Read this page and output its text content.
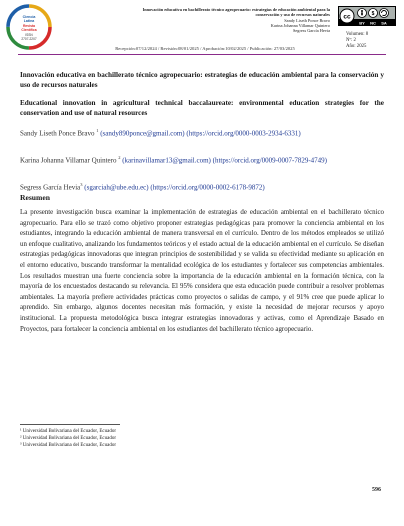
Ciencia
Latina
Revista
Científica
ISSN
2707-2207
Innovación educativa en bachillerato técnico agropecuario: estrategias de educación ambiental para la
conservación y uso de recursos naturales
Sandy Liseth Ponce Bravo
Karina Johanna Villamar Quintero
Segress García Hevia
cc	$
BY NC SA
Volumen: 8
Nº: 2
Año: 2025
Recepción:07/12/2024 / Revisión:08/01/2025 / Aprobación:10/02/2025 / Publicación: 27/03/2025
Innovación educativa en bachillerato técnico agropecuario: estrategias de educación ambiental para la conservación y uso de recursos naturales
Educational innovation in agricultural technical baccalaureate: environmental education strategies for the conservation and use of natural resources
Sandy Liseth Ponce Bravo $^1$ (sandy890ponce@gmail.com) (https://orcid.org/0000-0003-2934-6331)
Karina Johanna Villamar Quintero $^2$ (karinavillamar13@gmail.com) (https://orcid.org/0009-0007-7829-4749)
Segress García Hevia$^3$ (sgarciah@ube.edu.ec) (https://orcid.org/0000-0002-6178-9872)
Resumen
La presente investigación busca examinar la implementación de estrategias de educación ambiental en el bachillerato técnico agropecuario. Para ello se trazó como objetivo proponer estrategias pedagógicas para promover la conciencia ambiental en los estudiantes, integrando la educación ambiental de manera transversal en el currículo. Dentro de los métodos empleados se utilizó un enfoque cualitativo, analizando los fundamentos teóricos y el estado actual de la educación ambiental en el currículo. Se diseñan estrategias pedagógicas innovadoras que integran principios de sostenibilidad y se valida su efectividad mediante su aplicación en el entorno educativo, buscando transformar la mentalidad ecológica de los estudiantes y fortalecer sus competencias ambientales. Los resultados muestran una fuerte conciencia sobre la importancia de la educación ambiental en la formación técnica, con la mayoría de los encuestados destacando su relevancia. El 95% considera que esta educación puede contribuir a resolver problemas ambientales. La mayoría prefiere actividades prácticas como proyectos o salidas de campo, y el 91% cree que puede aplicar lo aprendido. Sin embargo, algunos docentes necesitan más formación, y existe la necesidad de mejorar recursos y apoyo institucional. La propuesta metodológica busca integrar estrategias innovadoras y activas, como el Aprendizaje Basado en Proyectos, para fortalecer la conciencia ambiental en los estudiantes del bachillerato técnico agropecuario.
¹ Universidad Bolivariana del Ecuador, Ecuador
² Universidad Bolivariana del Ecuador, Ecuador
³ Universidad Bolivariana del Ecuador, Ecuador
596
